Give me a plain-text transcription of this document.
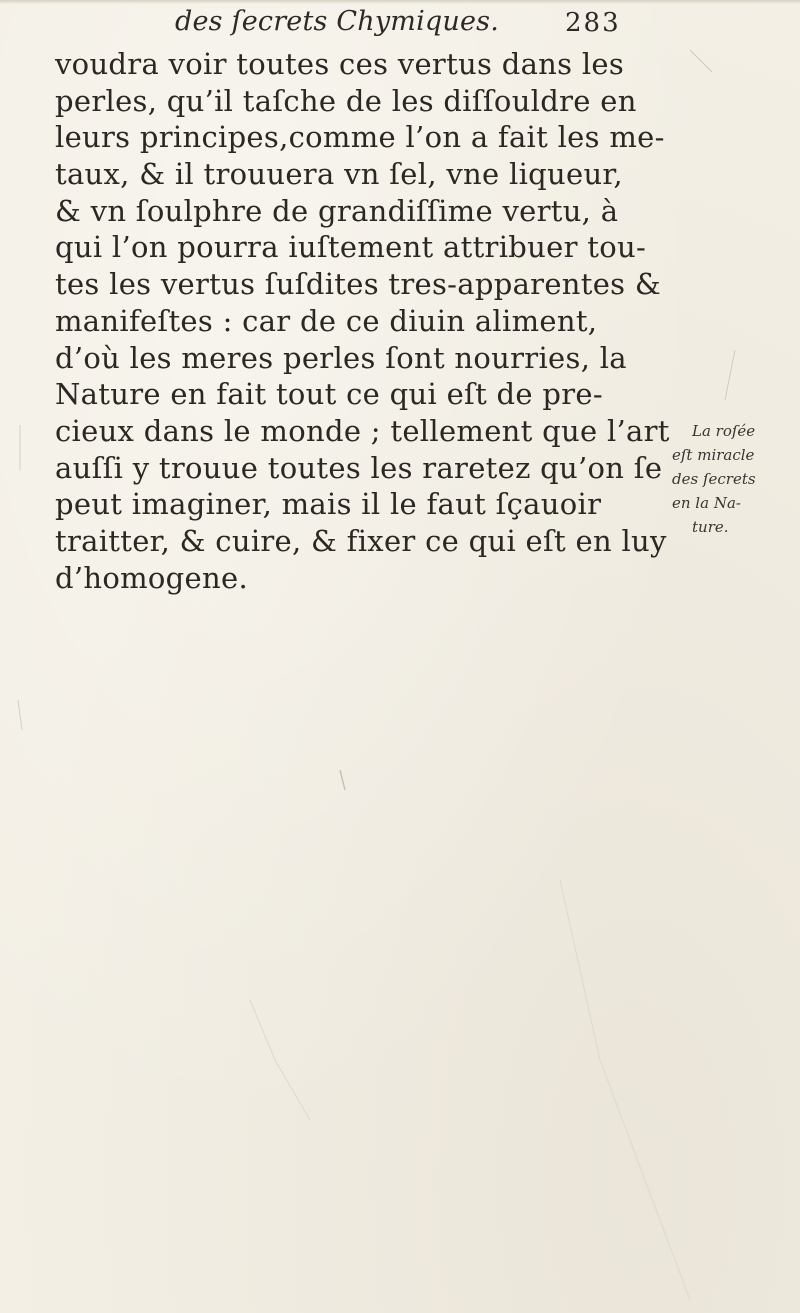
des ſecrets Chymiques.	283
voudra voir toutes ces vertus dans les
perles, qu’il taſche de les diſſouldre en
leurs principes,comme l’on a fait les me-
taux, & il trouuera vn ſel, vne liqueur,
& vn ſoulphre de grandiſſime vertu, à
qui l’on pourra iuſtement attribuer tou-
tes les vertus ſuſdites tres-apparentes &
manifeſtes : car de ce diuin aliment,
d’où les meres perles ſont nourries, la
Nature en fait tout ce qui eſt de pre-
cieux dans le monde ; tellement que l’art
auſſi y trouue toutes les raretez qu’on ſe
peut imaginer, mais il le faut ſçauoir
traitter, & cuire, & fixer ce qui eſt en luy
d’homogene.
La roſée
eſt miracle
des ſecrets
en la Na-
ture.
